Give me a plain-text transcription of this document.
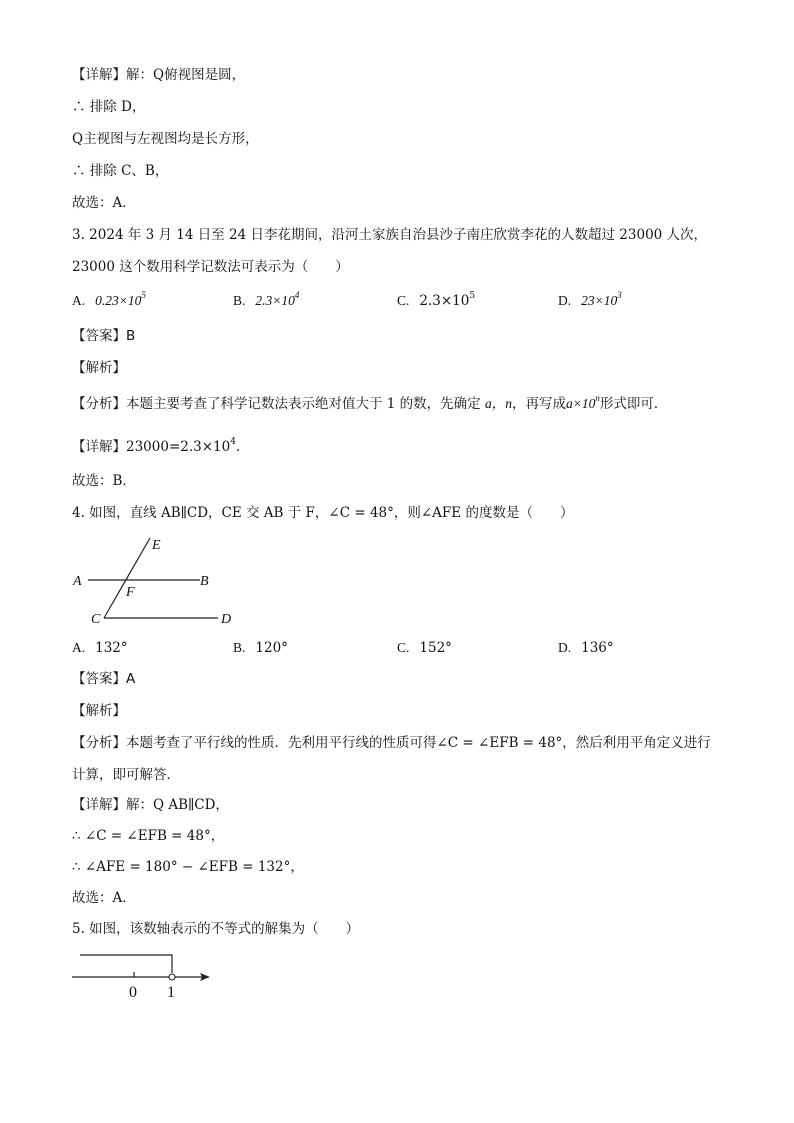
【详解】解：Q俯视图是圆，
∴ 排除 D，
Q主视图与左视图均是长方形，
∴ 排除 C、B，
故选：A．
3. 2024 年 3 月 14 日至 24 日李花期间，沿河土家族自治县沙子南庄欣赏李花的人数超过 23000 人次，
23000 这个数用科学记数法可表示为（　　）
A. $0.23\times 10^5$	B. $2.3\times 10^4$	C. $2.3\times 10^5$	D. $23\times 10^3$
【答案】B
【解析】
【分析】本题主要考查了科学记数法表示绝对值大于 1 的数，先确定 a，n，再写成$a\times 10^n$形式即可．
【详解】$23000=2.3\times 10^4$．
故选：B．
4. 如图，直线 AB∥CD，CE 交 AB 于 F，∠C = 48°，则∠AFE 的度数是（　　）
A	B
C	D
E
F
A. 132°	B. 120°	C. 152°	D. 136°
【答案】A
【解析】
【分析】本题考查了平行线的性质．先利用平行线的性质可得∠C = ∠EFB = 48°，然后利用平角定义进行
计算，即可解答．
【详解】解：Q AB∥CD，
∴ ∠C = ∠EFB = 48°，
∴ ∠AFE = 180° − ∠EFB = 132°，
故选：A．
5. 如图，该数轴表示的不等式的解集为（　　）
0 1
